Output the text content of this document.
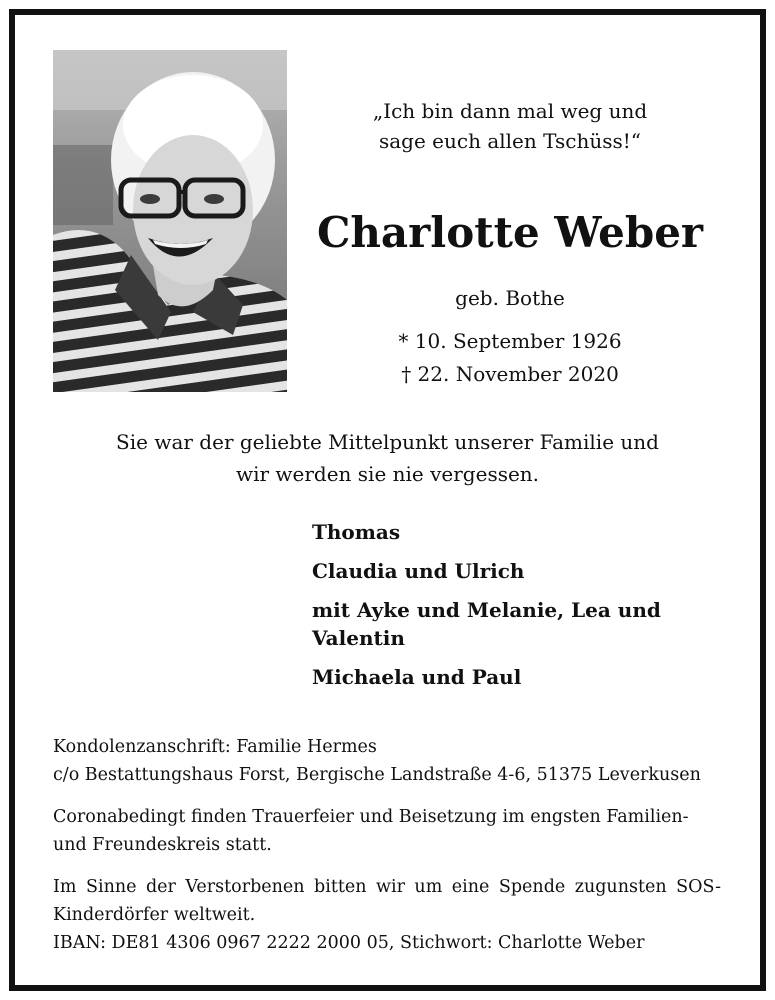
„Ich bin dann mal weg und
sage euch allen Tschüss!“
Charlotte Weber
geb. Bothe
* 10. September 1926
† 22. November 2020
Sie war der geliebte Mittelpunkt unserer Familie und
wir werden sie nie vergessen.
Thomas
Claudia und Ulrich
mit Ayke und Melanie, Lea und Valentin
Michaela und Paul
Kondolenzanschrift: Familie Hermes
c/o Bestattungshaus Forst, Bergische Landstraße 4-6, 51375 Leverkusen
Coronabedingt finden Trauerfeier und Beisetzung im engsten Familien- und Freundeskreis statt.
Im Sinne der Verstorbenen bitten wir um eine Spende zugunsten SOS-Kinderdörfer weltweit.
IBAN: DE81 4306 0967 2222 2000 05, Stichwort: Charlotte Weber
